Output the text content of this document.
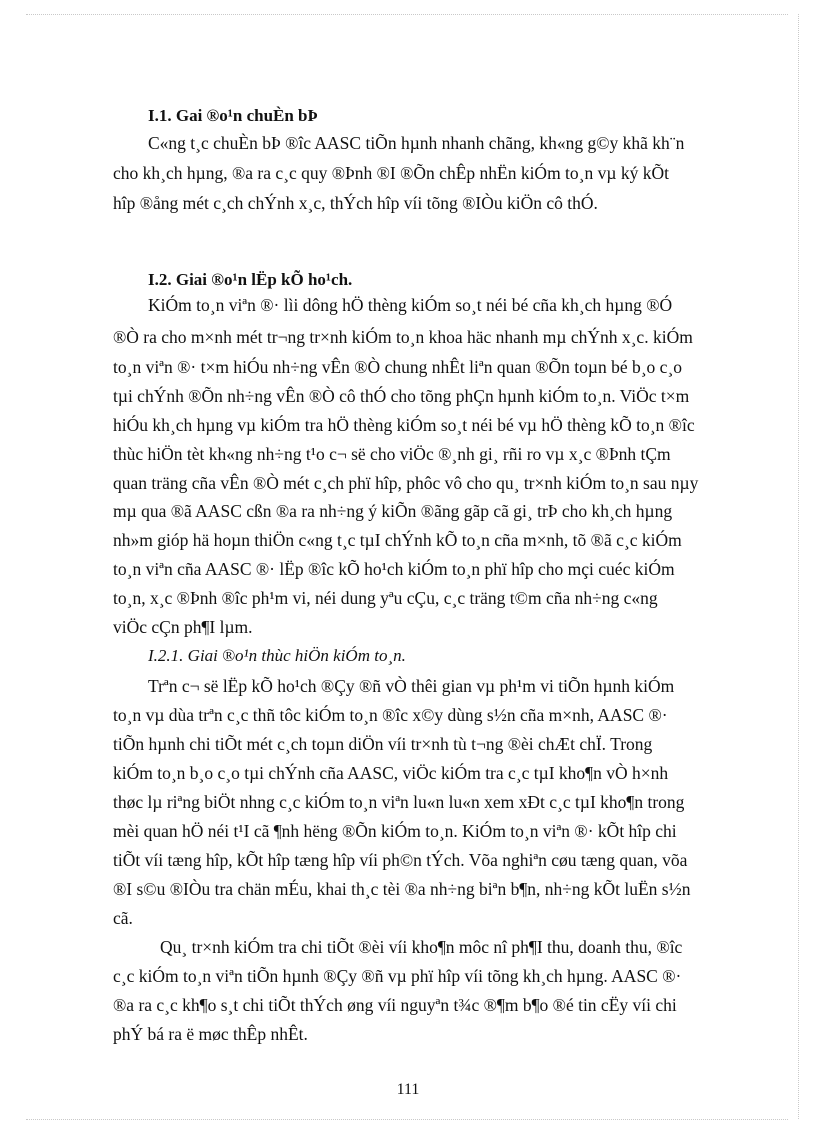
I.1. Gai ®o¹n chuÈn bÞ
C«ng t¸c chuÈn bÞ ®îc AASC tiÕn hµnh nhanh chãng, kh«ng g©y khã kh¨n
cho kh¸ch hµng, ®a ra c¸c quy ®Þnh ®I ®Õn chÊp nhËn kiÓm to¸n vµ ký kÕt
hîp ®ång mét c¸ch chÝnh x¸c, thÝch hîp víi tõng ®IÒu kiÖn cô thÓ.
I.2. Giai ®o¹n lËp kÕ ho¹ch.
KiÓm to¸n viªn ®· lìi dông hÖ thèng kiÓm so¸t néi bé cña kh¸ch hµng ®Ó
®Ò ra cho m×nh mét tr¬ng tr×nh kiÓm to¸n khoa häc nhanh mµ chÝnh x¸c. kiÓm
to¸n viªn ®· t×m hiÓu nh÷ng vÊn ®Ò chung nhÊt liªn quan ®Õn toµn bé b¸o c¸o
tµi chÝnh ®Õn nh÷ng vÊn ®Ò cô thÓ cho tõng phÇn hµnh kiÓm to¸n. ViÖc t×m
hiÓu kh¸ch hµng vµ kiÓm tra hÖ thèng kiÓm so¸t néi bé vµ hÖ thèng kÕ to¸n ®îc
thùc hiÖn tèt kh«ng nh÷ng t¹o c¬ së cho viÖc ®¸nh gi¸ rñi ro vµ x¸c ®Þnh tÇm
quan träng cña vÊn ®Ò mét c¸ch phï hîp, phôc vô cho qu¸ tr×nh kiÓm to¸n sau nµy
mµ qua ®ã AASC cßn ®a ra nh÷ng ý kiÕn ®ãng gãp cã gi¸ trÞ cho kh¸ch hµng
nh»m gióp hä hoµn thiÖn c«ng t¸c tµI chÝnh kÕ to¸n cña m×nh, tõ ®ã c¸c kiÓm
to¸n viªn cña AASC ®· lËp ®îc kÕ ho¹ch kiÓm to¸n phï hîp cho mçi cuéc kiÓm
to¸n, x¸c ®Þnh ®îc ph¹m vi, néi dung yªu cÇu, c¸c träng t©m cña nh÷ng c«ng
viÖc cÇn ph¶I lµm.
I.2.1. Giai ®o¹n thùc hiÖn kiÓm to¸n.
Trªn c¬ së lËp kÕ ho¹ch ®Çy ®ñ vÒ thêi gian vµ ph¹m vi tiÕn hµnh kiÓm
to¸n vµ dùa trªn c¸c thñ tôc kiÓm to¸n ®îc x©y dùng s½n cña m×nh, AASC ®·
tiÕn hµnh chi tiÕt mét c¸ch toµn diÖn víi tr×nh tù t¬ng ®èi chÆt chÏ. Trong
kiÓm to¸n b¸o c¸o tµi chÝnh cña AASC, viÖc kiÓm tra c¸c tµI kho¶n vÒ h×nh
thøc lµ riªng biÖt nhng c¸c kiÓm to¸n viªn lu«n lu«n xem xÐt c¸c tµI kho¶n trong
mèi quan hÖ néi t¹I cã ¶nh hëng ®Õn kiÓm to¸n. KiÓm to¸n viªn ®· kÕt hîp chi
tiÕt víi tæng hîp, kÕt hîp tæng hîp víi ph©n tÝch. Võa nghiªn cøu tæng quan, võa
®I s©u ®IÒu tra chän mÉu, khai th¸c tèi ®a nh÷ng biªn b¶n, nh÷ng kÕt luËn s½n
cã.
Qu¸ tr×nh kiÓm tra chi tiÕt ®èi víi kho¶n môc nî ph¶I thu, doanh thu, ®îc
c¸c kiÓm to¸n viªn tiÕn hµnh ®Çy ®ñ vµ phï hîp víi tõng kh¸ch hµng. AASC ®·
®a ra c¸c kh¶o s¸t chi tiÕt thÝch øng víi nguyªn t¾c ®¶m b¶o ®é tin cËy víi chi
phÝ bá ra ë møc thÊp nhÊt.
111
